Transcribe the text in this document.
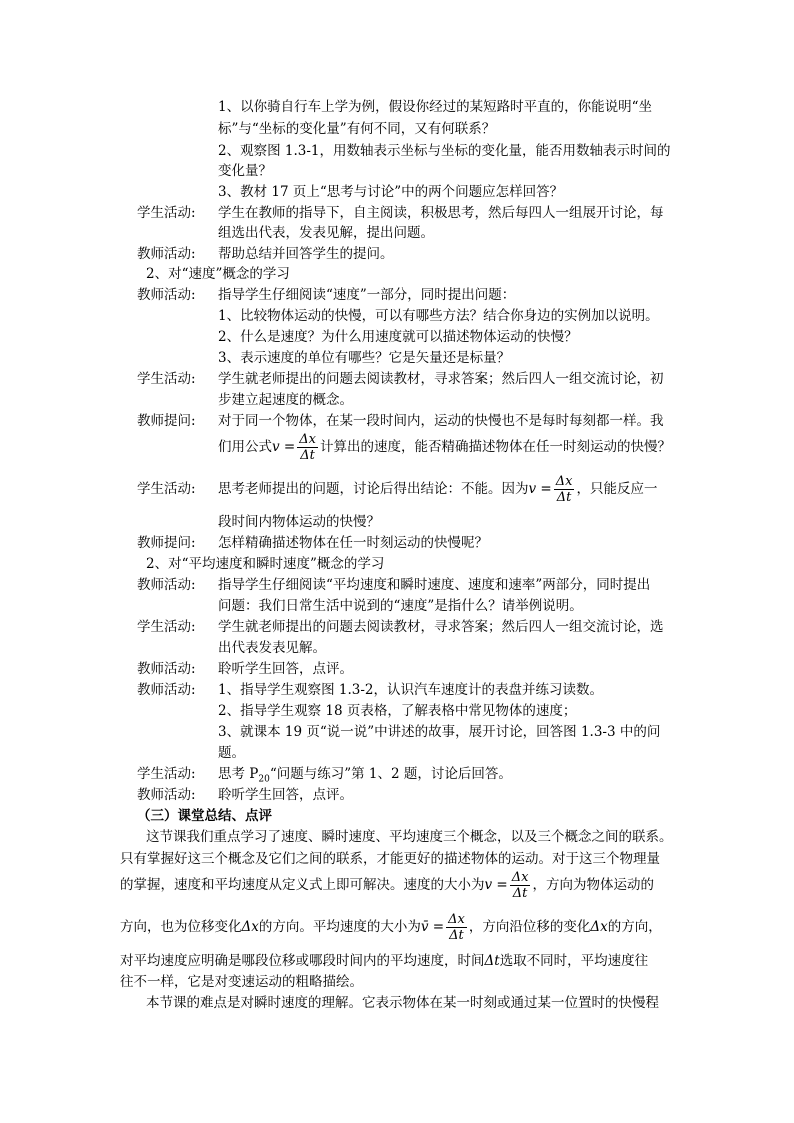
1、以你骑自行车上学为例，假设你经过的某短路时平直的，你能说明“坐
标”与“坐标的变化量”有何不同，又有何联系？
2、观察图 1.3-1，用数轴表示坐标与坐标的变化量，能否用数轴表示时间的
变化量？
3、教材 17 页上“思考与讨论”中的两个问题应怎样回答？
学生活动: 学生在教师的指导下，自主阅读，积极思考，然后每四人一组展开讨论，每
组选出代表，发表见解，提出问题。
教师活动: 帮助总结并回答学生的提问。
2、对“速度”概念的学习
教师活动: 指导学生仔细阅读“速度”一部分，同时提出问题：
1、比较物体运动的快慢，可以有哪些方法？结合你身边的实例加以说明。
2、什么是速度？为什么用速度就可以描述物体运动的快慢？
3、表示速度的单位有哪些？它是矢量还是标量？
学生活动: 学生就老师提出的问题去阅读教材，寻求答案；然后四人一组交流讨论，初
步建立起速度的概念。
教师提问: 对于同一个物体，在某一段时间内，运动的快慢也不是每时每刻都一样。我
们用公式$v = \frac{\Delta x}{\Delta t}$ 计算出的速度，能否精确描述物体在任一时刻运动的快慢？
学生活动: 思考老师提出的问题，讨论后得出结论：不能。因为$v = \frac{\Delta x}{\Delta t}$ ，只能反应一
段时间内物体运动的快慢？
教师提问: 怎样精确描述物体在任一时刻运动的快慢呢？
2、对“平均速度和瞬时速度”概念的学习
教师活动: 指导学生仔细阅读“平均速度和瞬时速度、速度和速率”两部分，同时提出
问题：我们日常生活中说到的“速度”是指什么？请举例说明。
学生活动: 学生就老师提出的问题去阅读教材，寻求答案；然后四人一组交流讨论，选
出代表发表见解。
教师活动: 聆听学生回答，点评。
教师活动: 1、指导学生观察图 1.3-2，认识汽车速度计的表盘并练习读数。
2、指导学生观察 18 页表格，了解表格中常见物体的速度；
3、就课本 19 页“说一说”中讲述的故事，展开讨论，回答图 1.3-3 中的问
题。
学生活动: 思考 $P_{20}“$问题与练习”第 1、2 题，讨论后回答。
教师活动: 聆听学生回答，点评。
（三）课堂总结、点评
这节课我们重点学习了速度、瞬时速度、平均速度三个概念，以及三个概念之间的联系。
只有掌握好这三个概念及它们之间的联系，才能更好的描述物体的运动。对于这三个物理量
的掌握，速度和平均速度从定义式上即可解决。速度的大小为$v = \frac{\Delta x}{\Delta t}$ ，方向为物体运动的
方向，也为位移变化Δx的方向。平均速度的大小为v̄ = $\frac{\Delta x}{\Delta t}$ ，方向沿位移的变化Δx的方向，
对平均速度应明确是哪段位移或哪段时间内的平均速度，时间Δt选取不同时，平均速度往
往不一样，它是对变速运动的粗略描绘。
本节课的难点是对瞬时速度的理解。它表示物体在某一时刻或通过某一位置时的快慢程
